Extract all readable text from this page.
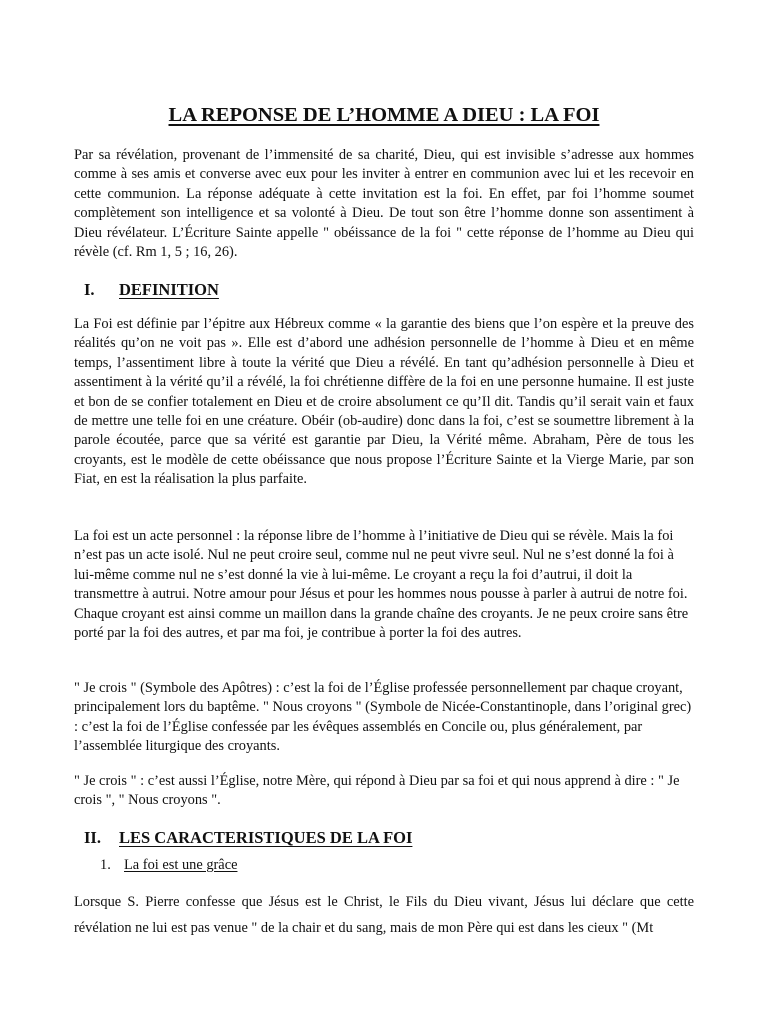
LA REPONSE DE L’HOMME A DIEU : LA FOI

Par sa révélation, provenant de l’immensité de sa charité, Dieu, qui est invisible s’adresse aux hommes comme à ses amis et converse avec eux pour les inviter à entrer en communion avec lui et les recevoir en cette communion. La réponse adéquate à cette invitation est la foi. En effet, par foi l’homme soumet complètement son intelligence et sa volonté à Dieu. De tout son être l’homme donne son assentiment à Dieu révélateur. L’Écriture Sainte appelle " obéissance de la foi " cette réponse de l’homme au Dieu qui révèle (cf. Rm 1, 5 ; 16, 26).

I. DEFINITION

La Foi est définie par l’épitre aux Hébreux comme « la garantie des biens que l’on espère et la preuve des réalités qu’on ne voit pas ». Elle est d’abord une adhésion personnelle de l’homme à Dieu et en même temps, l’assentiment libre à toute la vérité que Dieu a révélé. En tant qu’adhésion personnelle à Dieu et assentiment à la vérité qu’il a révélé, la foi chrétienne diffère de la foi en une personne humaine. Il est juste et bon de se confier totalement en Dieu et de croire absolument ce qu’Il dit. Tandis qu’il serait vain et faux de mettre une telle foi en une créature. Obéir (ob-audire) donc dans la foi, c’est se soumettre librement à la parole écoutée, parce que sa vérité est garantie par Dieu, la Vérité même. Abraham, Père de tous les croyants, est le modèle de cette obéissance que nous propose l’Écriture Sainte et la Vierge Marie, par son Fiat, en est la réalisation la plus parfaite.

La foi est un acte personnel : la réponse libre de l’homme à l’initiative de Dieu qui se révèle. Mais la foi n’est pas un acte isolé. Nul ne peut croire seul, comme nul ne peut vivre seul. Nul ne s’est donné la foi à lui-même comme nul ne s’est donné la vie à lui-même. Le croyant a reçu la foi d’autrui, il doit la transmettre à autrui. Notre amour pour Jésus et pour les hommes nous pousse à parler à autrui de notre foi. Chaque croyant est ainsi comme un maillon dans la grande chaîne des croyants. Je ne peux croire sans être porté par la foi des autres, et par ma foi, je contribue à porter la foi des autres.

" Je crois " (Symbole des Apôtres) : c’est la foi de l’Église professée personnellement par chaque croyant, principalement lors du baptême. " Nous croyons " (Symbole de Nicée-Constantinople, dans l’original grec) : c’est la foi de l’Église confessée par les évêques assemblés en Concile ou, plus généralement, par l’assemblée liturgique des croyants.

" Je crois " : c’est aussi l’Église, notre Mère, qui répond à Dieu par sa foi et qui nous apprend à dire : " Je crois ", " Nous croyons ".

II. LES CARACTERISTIQUES DE LA FOI
1. La foi est une grâce

Lorsque S. Pierre confesse que Jésus est le Christ, le Fils du Dieu vivant, Jésus lui déclare que cette révélation ne lui est pas venue " de la chair et du sang, mais de mon Père qui est dans les cieux " (Mt
